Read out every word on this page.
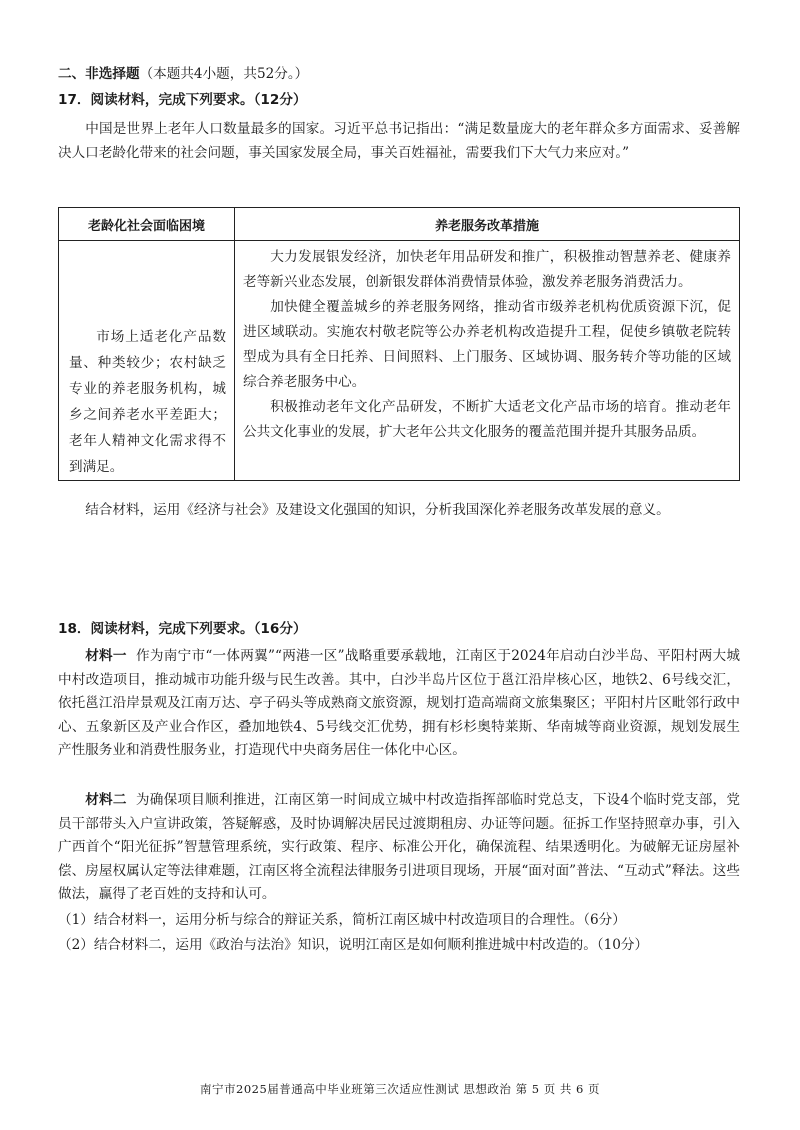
二、非选择题（本题共4小题，共52分。）
17．阅读材料，完成下列要求。（12分）
中国是世界上老年人口数量最多的国家。习近平总书记指出：“满足数量庞大的老年群众多方面需求、妥善解决人口老龄化带来的社会问题，事关国家发展全局，事关百姓福祉，需要我们下大气力来应对。”
老龄化社会面临困境	养老服务改革措施

市场上适老化产品数量、种类较少；农村缺乏专业的养老服务机构，城乡之间养老水平差距大；老年人精神文化需求得不到满足。	大力发展银发经济，加快老年用品研发和推广，积极推动智慧养老、健康养老等新兴业态发展，创新银发群体消费情景体验，激发养老服务消费活力。

加快健全覆盖城乡的养老服务网络，推动省市级养老机构优质资源下沉，促进区域联动。实施农村敬老院等公办养老机构改造提升工程，促使乡镇敬老院转型成为具有全日托养、日间照料、上门服务、区域协调、服务转介等功能的区域综合养老服务中心。

积极推动老年文化产品研发，不断扩大适老文化产品市场的培育。推动老年公共文化事业的发展，扩大老年公共文化服务的覆盖范围并提升其服务品质。

结合材料，运用《经济与社会》及建设文化强国的知识，分析我国深化养老服务改革发展的意义。
18．阅读材料，完成下列要求。（16分）
材料一 作为南宁市“一体两翼”“两港一区”战略重要承载地，江南区于2024年启动白沙半岛、平阳村两大城中村改造项目，推动城市功能升级与民生改善。其中，白沙半岛片区位于邕江沿岸核心区，地铁2、6号线交汇，依托邕江沿岸景观及江南万达、亭子码头等成熟商文旅资源，规划打造高端商文旅集聚区；平阳村片区毗邻行政中心、五象新区及产业合作区，叠加地铁4、5号线交汇优势，拥有杉杉奥特莱斯、华南城等商业资源，规划发展生产性服务业和消费性服务业，打造现代中央商务居住一体化中心区。
材料二 为确保项目顺利推进，江南区第一时间成立城中村改造指挥部临时党总支，下设4个临时党支部，党员干部带头入户宣讲政策，答疑解惑，及时协调解决居民过渡期租房、办证等问题。征拆工作坚持照章办事，引入广西首个“阳光征拆”智慧管理系统，实行政策、程序、标准公开化，确保流程、结果透明化。为破解无证房屋补偿、房屋权属认定等法律难题，江南区将全流程法律服务引进项目现场，开展“面对面”普法、“互动式”释法。这些做法，赢得了老百姓的支持和认可。
（1）结合材料一，运用分析与综合的辩证关系，简析江南区城中村改造项目的合理性。（6分）
（2）结合材料二，运用《政治与法治》知识，说明江南区是如何顺利推进城中村改造的。（10分）
南宁市2025届普通高中毕业班第三次适应性测试 思想政治 第 5 页 共 6 页
